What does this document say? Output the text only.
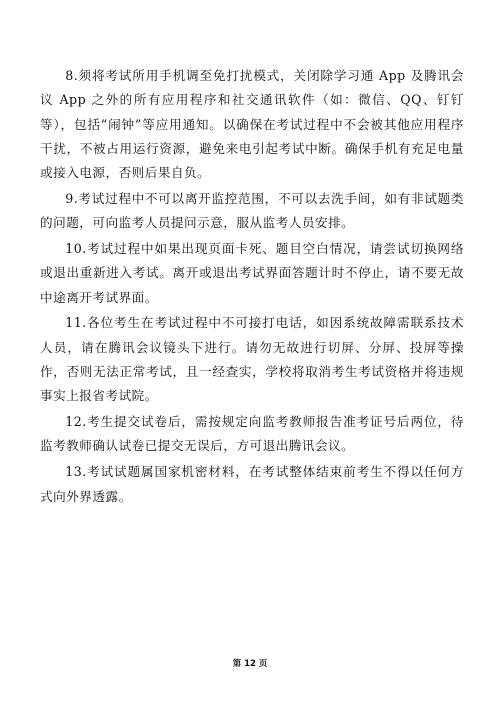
8.须将考试所用手机调至免打扰模式，关闭除学习通 App 及腾讯会议 App 之外的所有应用程序和社交通讯软件（如：微信、QQ、钉钉等），包括“闹钟”等应用通知。以确保在考试过程中不会被其他应用程序干扰，不被占用运行资源，避免来电引起考试中断。确保手机有充足电量或接入电源，否则后果自负。

9.考试过程中不可以离开监控范围，不可以去洗手间，如有非试题类的问题，可向监考人员提问示意，服从监考人员安排。

10.考试过程中如果出现页面卡死、题目空白情况，请尝试切换网络或退出重新进入考试。离开或退出考试界面答题计时不停止，请不要无故中途离开考试界面。

11.各位考生在考试过程中不可接打电话，如因系统故障需联系技术人员，请在腾讯会议镜头下进行。请勿无故进行切屏、分屏、投屏等操作，否则无法正常考试，且一经查实，学校将取消考生考试资格并将违规事实上报省考试院。

12.考生提交试卷后，需按规定向监考教师报告准考证号后两位，待监考教师确认试卷已提交无误后，方可退出腾讯会议。

13.考试试题属国家机密材料，在考试整体结束前考生不得以任何方式向外界透露。

第 12 页
